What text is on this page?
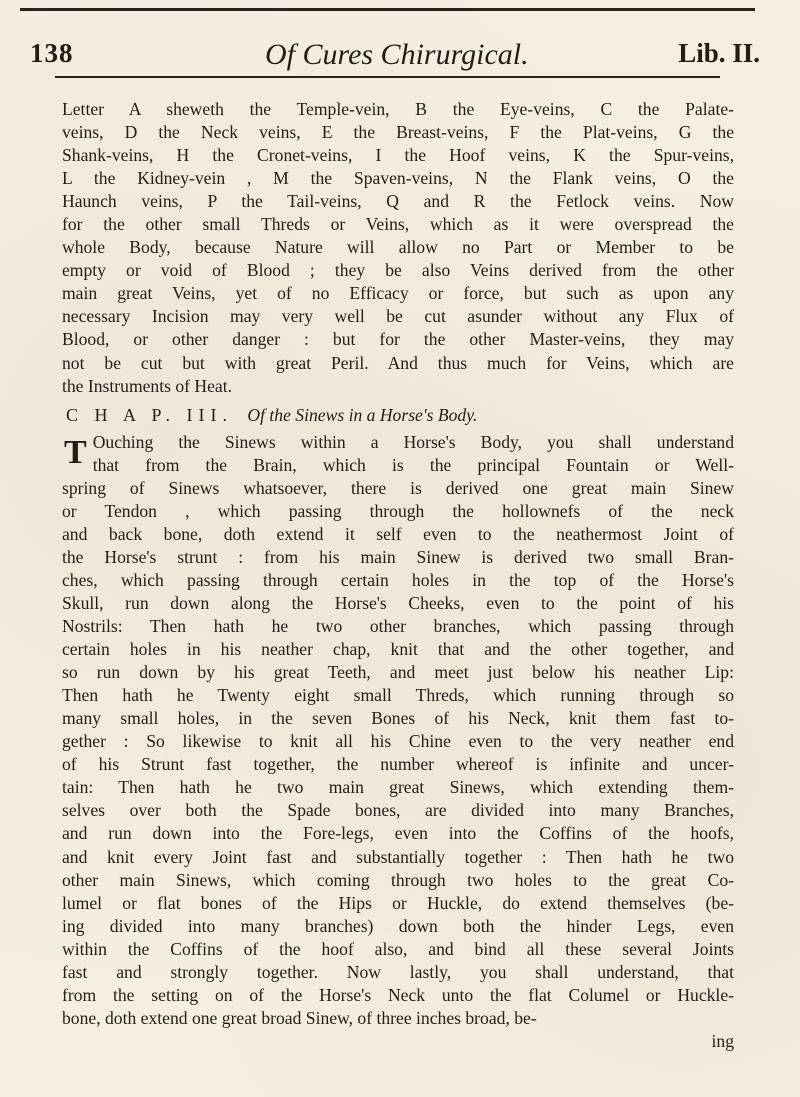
138	Of Cures Chirurgical.	Lib. II.
Letter A sheweth the Temple-vein, B the Eye-veins, C the Palate-
veins, D the Neck veins, E the Breast-veins, F the Plat-veins, G the
Shank-veins, H the Cronet-veins, I the Hoof veins, K the Spur-veins,
L the Kidney-vein , M the Spaven-veins, N the Flank veins, O the
Haunch veins, P the Tail-veins, Q and R the Fetlock veins. Now
for the other small Threds or Veins, which as it were overspread the
whole Body, because Nature will allow no Part or Member to be
empty or void of Blood ; they be also Veins derived from the other
main great Veins, yet of no Efficacy or force, but such as upon any
necessary Incision may very well be cut asunder without any Flux of
Blood, or other danger : but for the other Master-veins, they may
not be cut but with great Peril. And thus much for Veins, which are
the Instruments of Heat.
C H A P. III. Of the Sinews in a Horse's Body.
T Ouching the Sinews within a Horse's Body, you shall understand
that from the Brain, which is the principal Fountain or Well-
spring of Sinews whatsoever, there is derived one great main Sinew
or Tendon , which passing through the hollownefs of the neck
and back bone, doth extend it self even to the neathermost Joint of
the Horse's strunt : from his main Sinew is derived two small Bran-
ches, which passing through certain holes in the top of the Horse's
Skull, run down along the Horse's Cheeks, even to the point of his
Nostrils: Then hath he two other branches, which passing through
certain holes in his neather chap, knit that and the other together, and
so run down by his great Teeth, and meet just below his neather Lip:
Then hath he Twenty eight small Threds, which running through so
many small holes, in the seven Bones of his Neck, knit them fast to-
gether : So likewise to knit all his Chine even to the very neather end
of his Strunt fast together, the number whereof is infinite and uncer-
tain: Then hath he two main great Sinews, which extending them-
selves over both the Spade bones, are divided into many Branches,
and run down into the Fore-legs, even into the Coffins of the hoofs,
and knit every Joint fast and substantially together : Then hath he two
other main Sinews, which coming through two holes to the great Co-
lumel or flat bones of the Hips or Huckle, do extend themselves (be-
ing divided into many branches) down both the hinder Legs, even
within the Coffins of the hoof also, and bind all these several Joints
fast and strongly together. Now lastly, you shall understand, that
from the setting on of the Horse's Neck unto the flat Columel or Huckle-
bone, doth extend one great broad Sinew, of three inches broad, be-
ing
